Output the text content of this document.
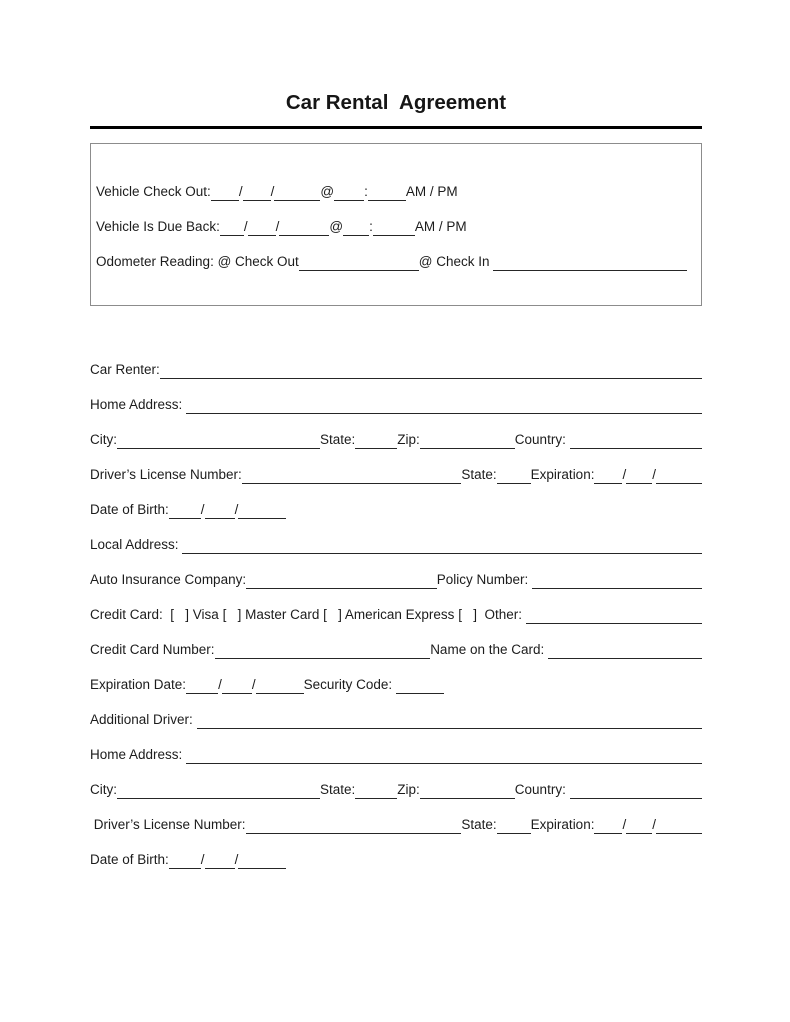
Car Rental  Agreement
Vehicle Check Out: / /	@ :	AM / PM
Vehicle Is Due Back: / /	@ :	AM / PM
Odometer Reading: @ Check Out	@ Check In
Car Renter:
Home Address:
City:	State:	Zip:	Country:
Driver’s License Number:	State:	Expiration: / /
Date of Birth: / /
Local Address:
Auto Insurance Company:	Policy Number:
Credit Card: [   ] Visa [   ] Master Card [   ] American Express [   ] Other:
Credit Card Number:	Name on the Card:
Expiration Date: / /	Security Code:
Additional Driver:
Home Address:
City:	State:	Zip:	Country:
Driver’s License Number:	State:	Expiration: / /
Date of Birth: / /
